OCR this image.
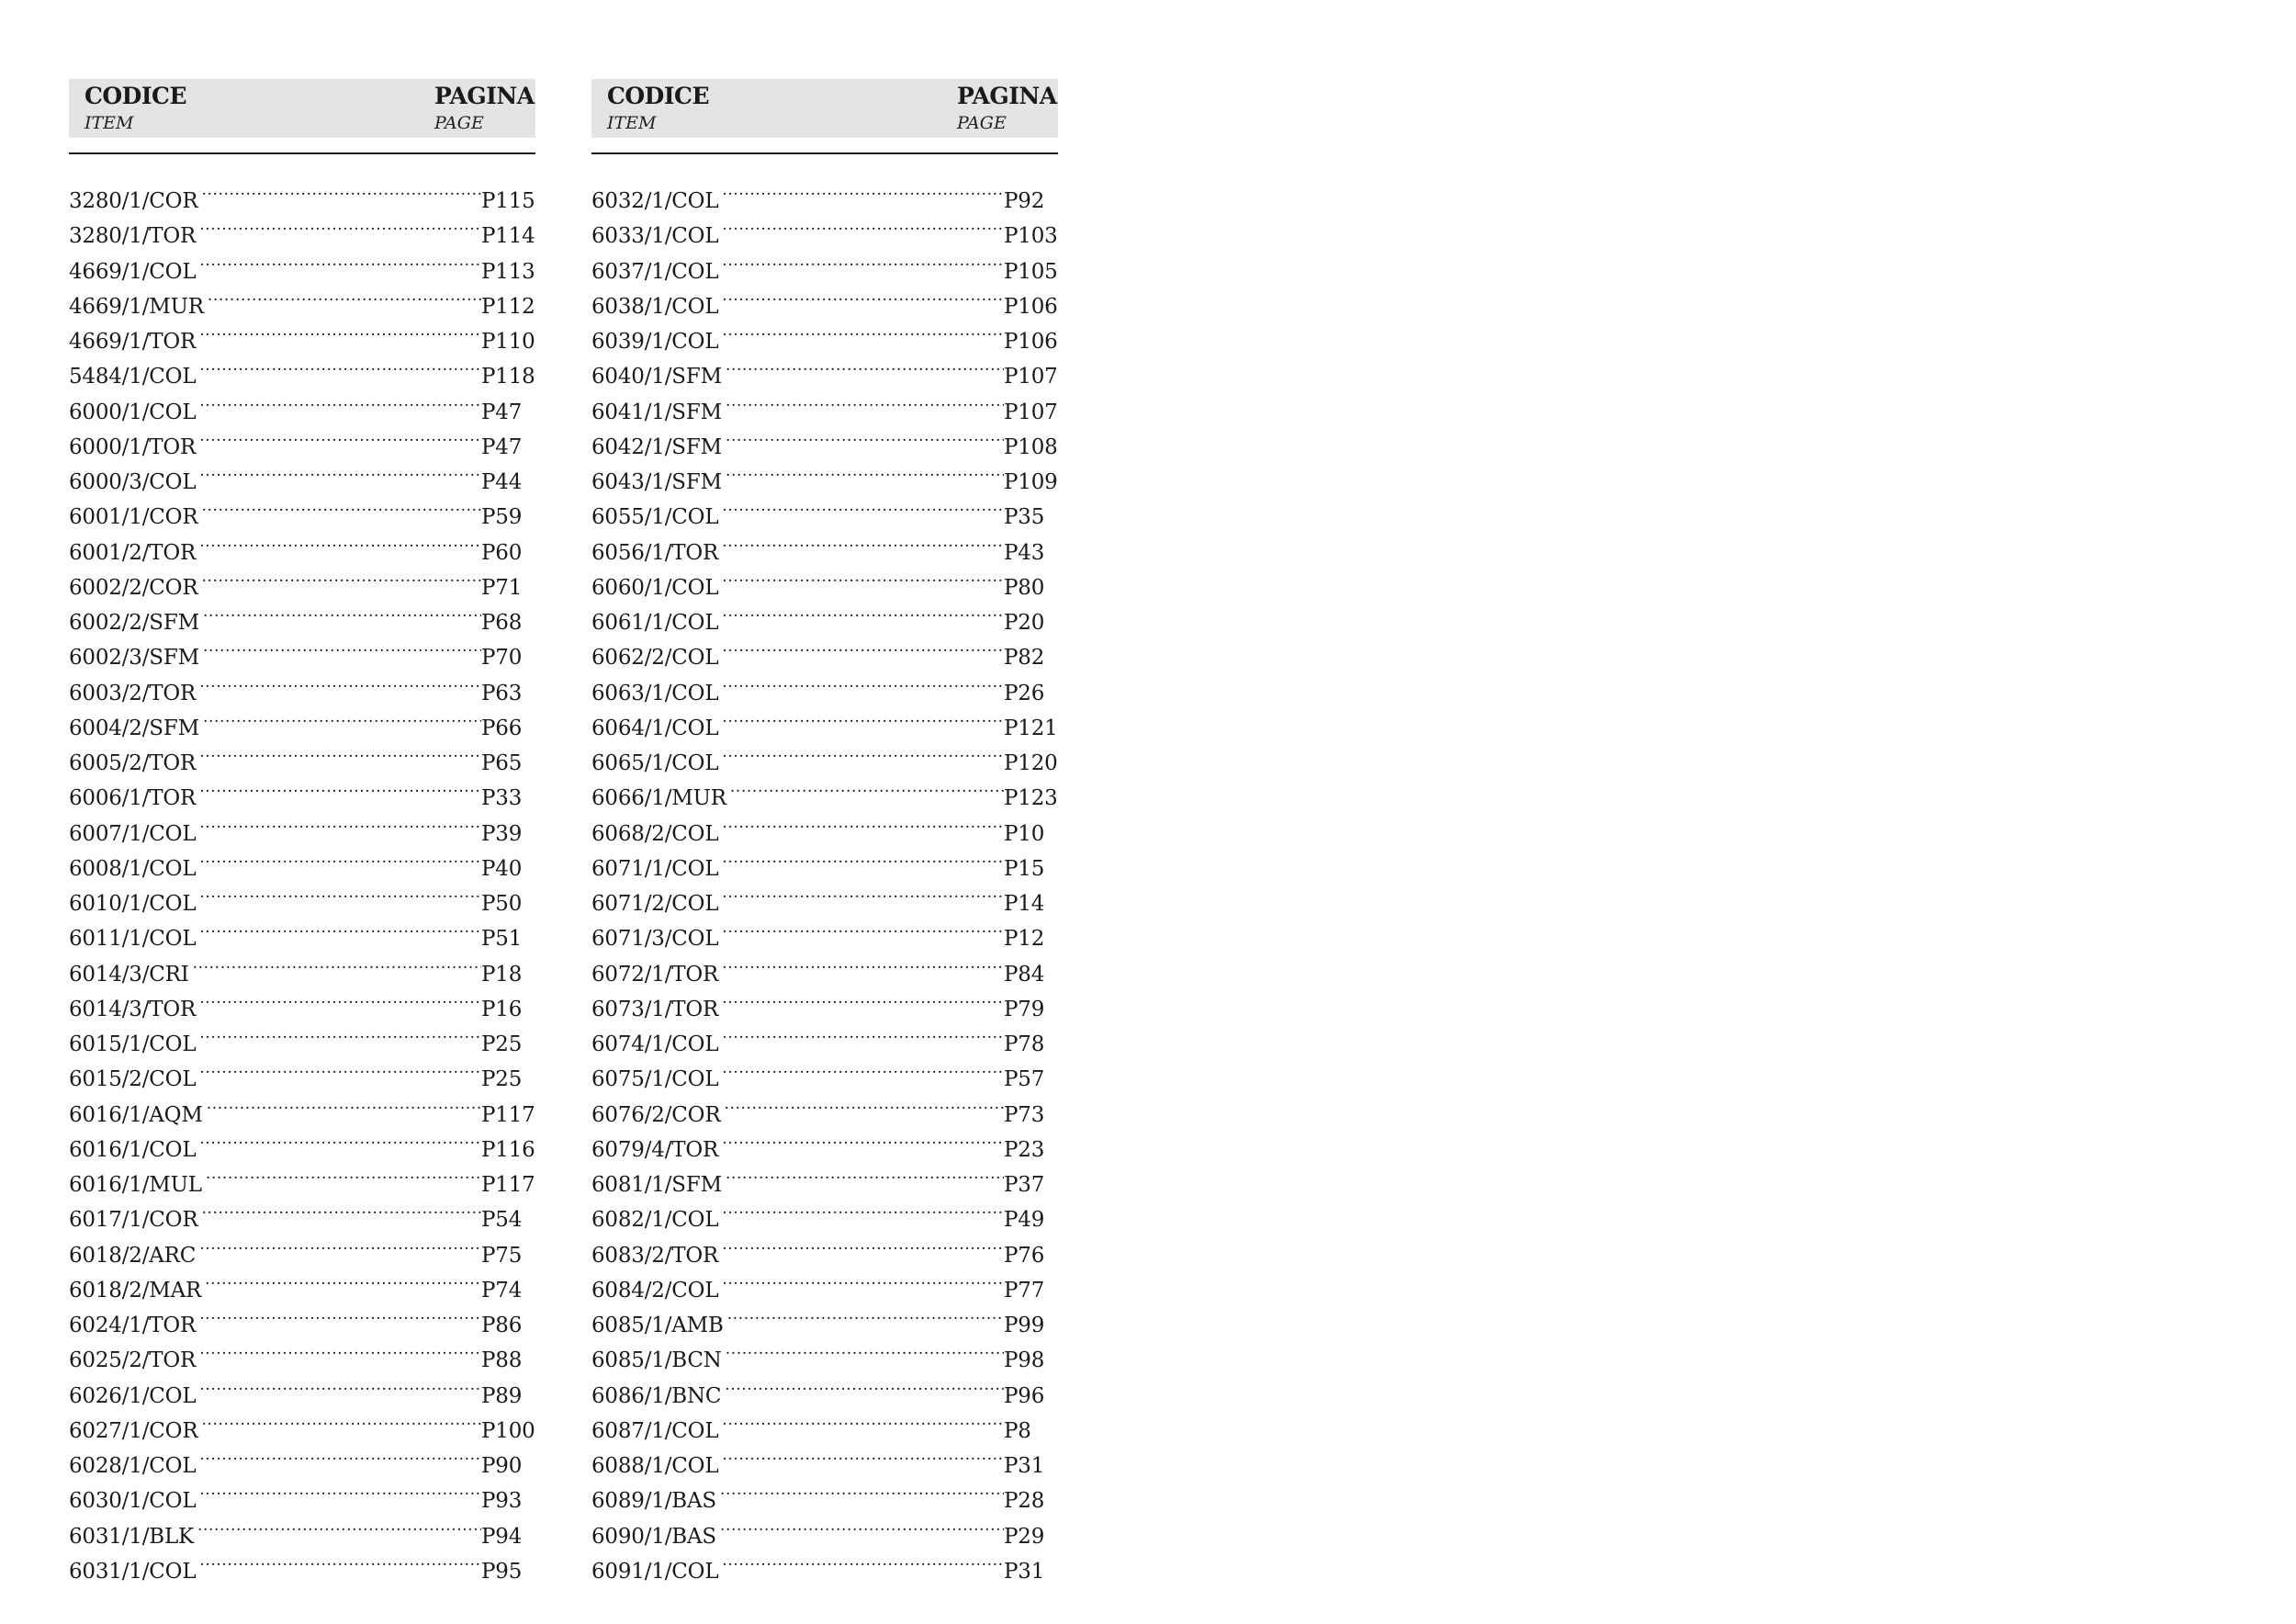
CODICE
ITEM
PAGINA
PAGE
3280/1/COR .....	P115
3280/1/TOR .....	P114
4669/1/COL .....	P113
4669/1/MUR .....	P112
4669/1/TOR .....	P110
5484/1/COL .....	P118
6000/1/COL .....	P47
6000/1/TOR .....	P47
6000/3/COL .....	P44
6001/1/COR .....	P59
6001/2/TOR .....	P60
6002/2/COR .....	P71
6002/2/SFM .....	P68
6002/3/SFM .....	P70
6003/2/TOR .....	P63
6004/2/SFM .....	P66
6005/2/TOR .....	P65
6006/1/TOR .....	P33
6007/1/COL .....	P39
6008/1/COL .....	P40
6010/1/COL .....	P50
6011/1/COL .....	P51
6014/3/CRI .....	P18
6014/3/TOR .....	P16
6015/1/COL .....	P25
6015/2/COL .....	P25
6016/1/AQM .....	P117
6016/1/COL .....	P116
6016/1/MUL .....	P117
6017/1/COR .....	P54
6018/2/ARC .....	P75
6018/2/MAR .....	P74
6024/1/TOR .....	P86
6025/2/TOR .....	P88
6026/1/COL .....	P89
6027/1/COR .....	P100
6028/1/COL .....	P90
6030/1/COL .....	P93
6031/1/BLK .....	P94
6031/1/COL .....	P95
CODICE
ITEM
PAGINA
PAGE
6032/1/COL .....	P92
6033/1/COL .....	P103
6037/1/COL .....	P105
6038/1/COL .....	P106
6039/1/COL .....	P106
6040/1/SFM .....	P107
6041/1/SFM .....	P107
6042/1/SFM .....	P108
6043/1/SFM .....	P109
6055/1/COL .....	P35
6056/1/TOR .....	P43
6060/1/COL .....	P80
6061/1/COL .....	P20
6062/2/COL .....	P82
6063/1/COL .....	P26
6064/1/COL .....	P121
6065/1/COL .....	P120
6066/1/MUR .....	P123
6068/2/COL .....	P10
6071/1/COL .....	P15
6071/2/COL .....	P14
6071/3/COL .....	P12
6072/1/TOR .....	P84
6073/1/TOR .....	P79
6074/1/COL .....	P78
6075/1/COL .....	P57
6076/2/COR .....	P73
6079/4/TOR .....	P23
6081/1/SFM .....	P37
6082/1/COL .....	P49
6083/2/TOR .....	P76
6084/2/COL .....	P77
6085/1/AMB .....	P99
6085/1/BCN .....	P98
6086/1/BNC .....	P96
6087/1/COL .....	P8
6088/1/COL .....	P31
6089/1/BAS .....	P28
6090/1/BAS .....	P29
6091/1/COL .....	P31
